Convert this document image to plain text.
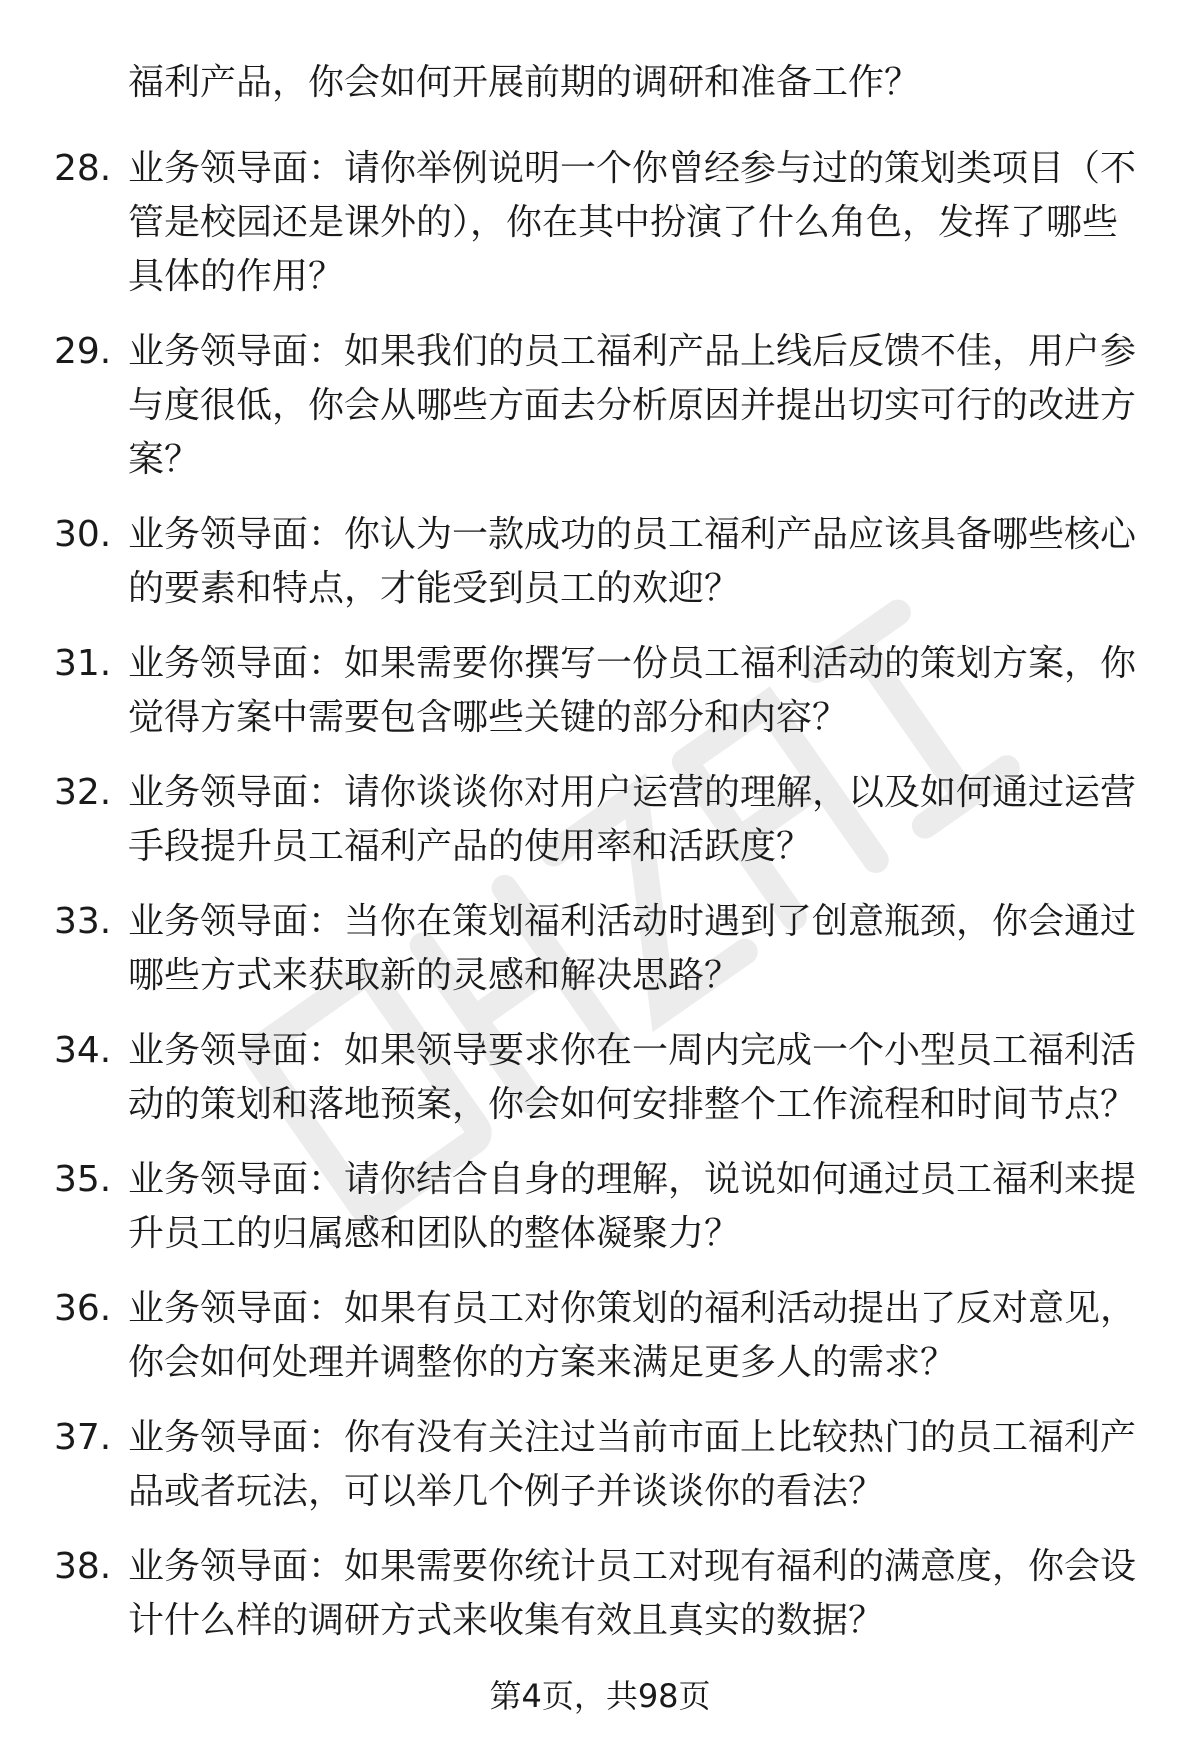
福利产品，你会如何开展前期的调研和准备工作？
28. 业务领导面：请你举例说明一个你曾经参与过的策划类项目（不管是校园还是课外的），你在其中扮演了什么角色，发挥了哪些具体的作用？
29. 业务领导面：如果我们的员工福利产品上线后反馈不佳，用户参与度很低，你会从哪些方面去分析原因并提出切实可行的改进方案？
30. 业务领导面：你认为一款成功的员工福利产品应该具备哪些核心的要素和特点，才能受到员工的欢迎？
31. 业务领导面：如果需要你撰写一份员工福利活动的策划方案，你觉得方案中需要包含哪些关键的部分和内容？
32. 业务领导面：请你谈谈你对用户运营的理解，以及如何通过运营手段提升员工福利产品的使用率和活跃度？
33. 业务领导面：当你在策划福利活动时遇到了创意瓶颈，你会通过哪些方式来获取新的灵感和解决思路？
34. 业务领导面：如果领导要求你在一周内完成一个小型员工福利活动的策划和落地预案，你会如何安排整个工作流程和时间节点？
35. 业务领导面：请你结合自身的理解，说说如何通过员工福利来提升员工的归属感和团队的整体凝聚力？
36. 业务领导面：如果有员工对你策划的福利活动提出了反对意见，你会如何处理并调整你的方案来满足更多人的需求？
37. 业务领导面：你有没有关注过当前市面上比较热门的员工福利产品或者玩法，可以举几个例子并谈谈你的看法？
38. 业务领导面：如果需要你统计员工对现有福利的满意度，你会设计什么样的调研方式来收集有效且真实的数据？
第4页，共98页
